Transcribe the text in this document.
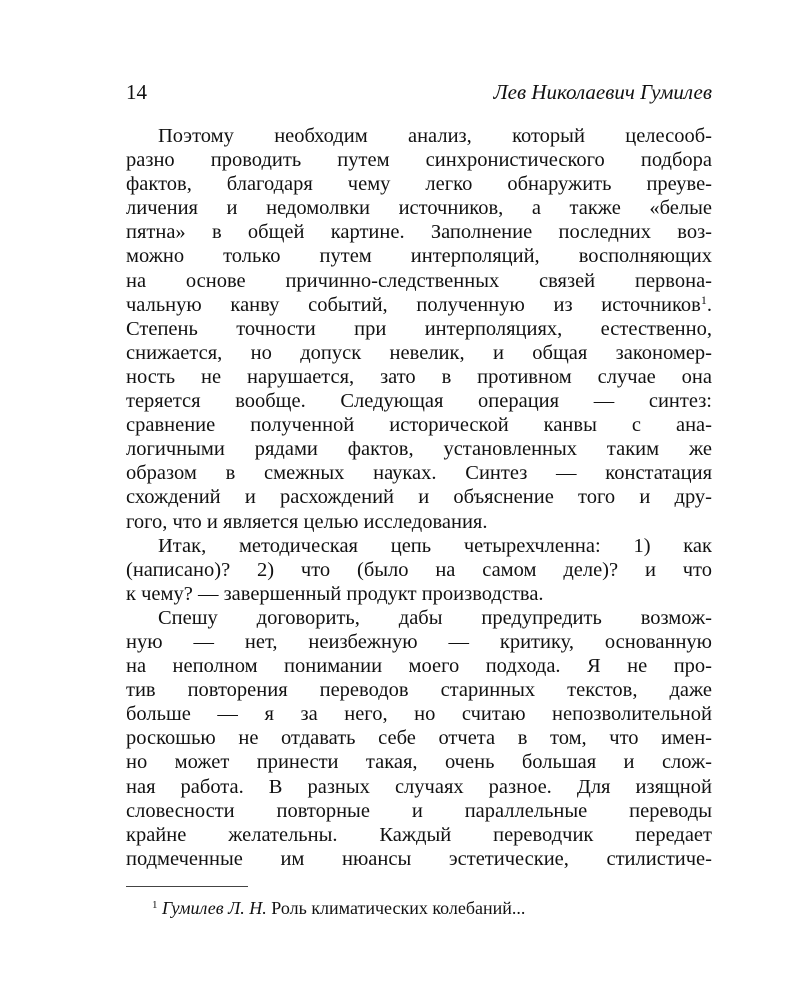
14	Лев Николаевич Гумилев
Поэтому необходим анализ, который целесооб-
разно проводить путем синхронистического подбора
фактов, благодаря чему легко обнаружить преуве-
личения и недомолвки источников, а также «белые
пятна» в общей картине. Заполнение последних воз-
можно только путем интерполяций, восполняющих
на основе причинно-следственных связей первона-
чальную канву событий, полученную из источников$^1$.
Степень точности при интерполяциях, естественно,
снижается, но допуск невелик, и общая закономер-
ность не нарушается, зато в противном случае она
теряется вообще. Следующая операция — синтез:
сравнение полученной исторической канвы с ана-
логичными рядами фактов, установленных таким же
образом в смежных науках. Синтез — констатация
схождений и расхождений и объяснение того и дру-
гого, что и является целью исследования.
Итак, методическая цепь четырехчленна: 1) как
(написано)? 2) что (было на самом деле)? и что
к чему? — завершенный продукт производства.
Спешу договорить, дабы предупредить возмож-
ную — нет, неизбежную — критику, основанную
на неполном понимании моего подхода. Я не про-
тив повторения переводов старинных текстов, даже
больше — я за него, но считаю непозволительной
роскошью не отдавать себе отчета в том, что имен-
но может принести такая, очень большая и слож-
ная работа. В разных случаях разное. Для изящной
словесности повторные и параллельные переводы
крайне желательны. Каждый переводчик передает
подмеченные им нюансы эстетические, стилистиче-
$^1$ Гумилев Л. Н. Роль климатических колебаний...
